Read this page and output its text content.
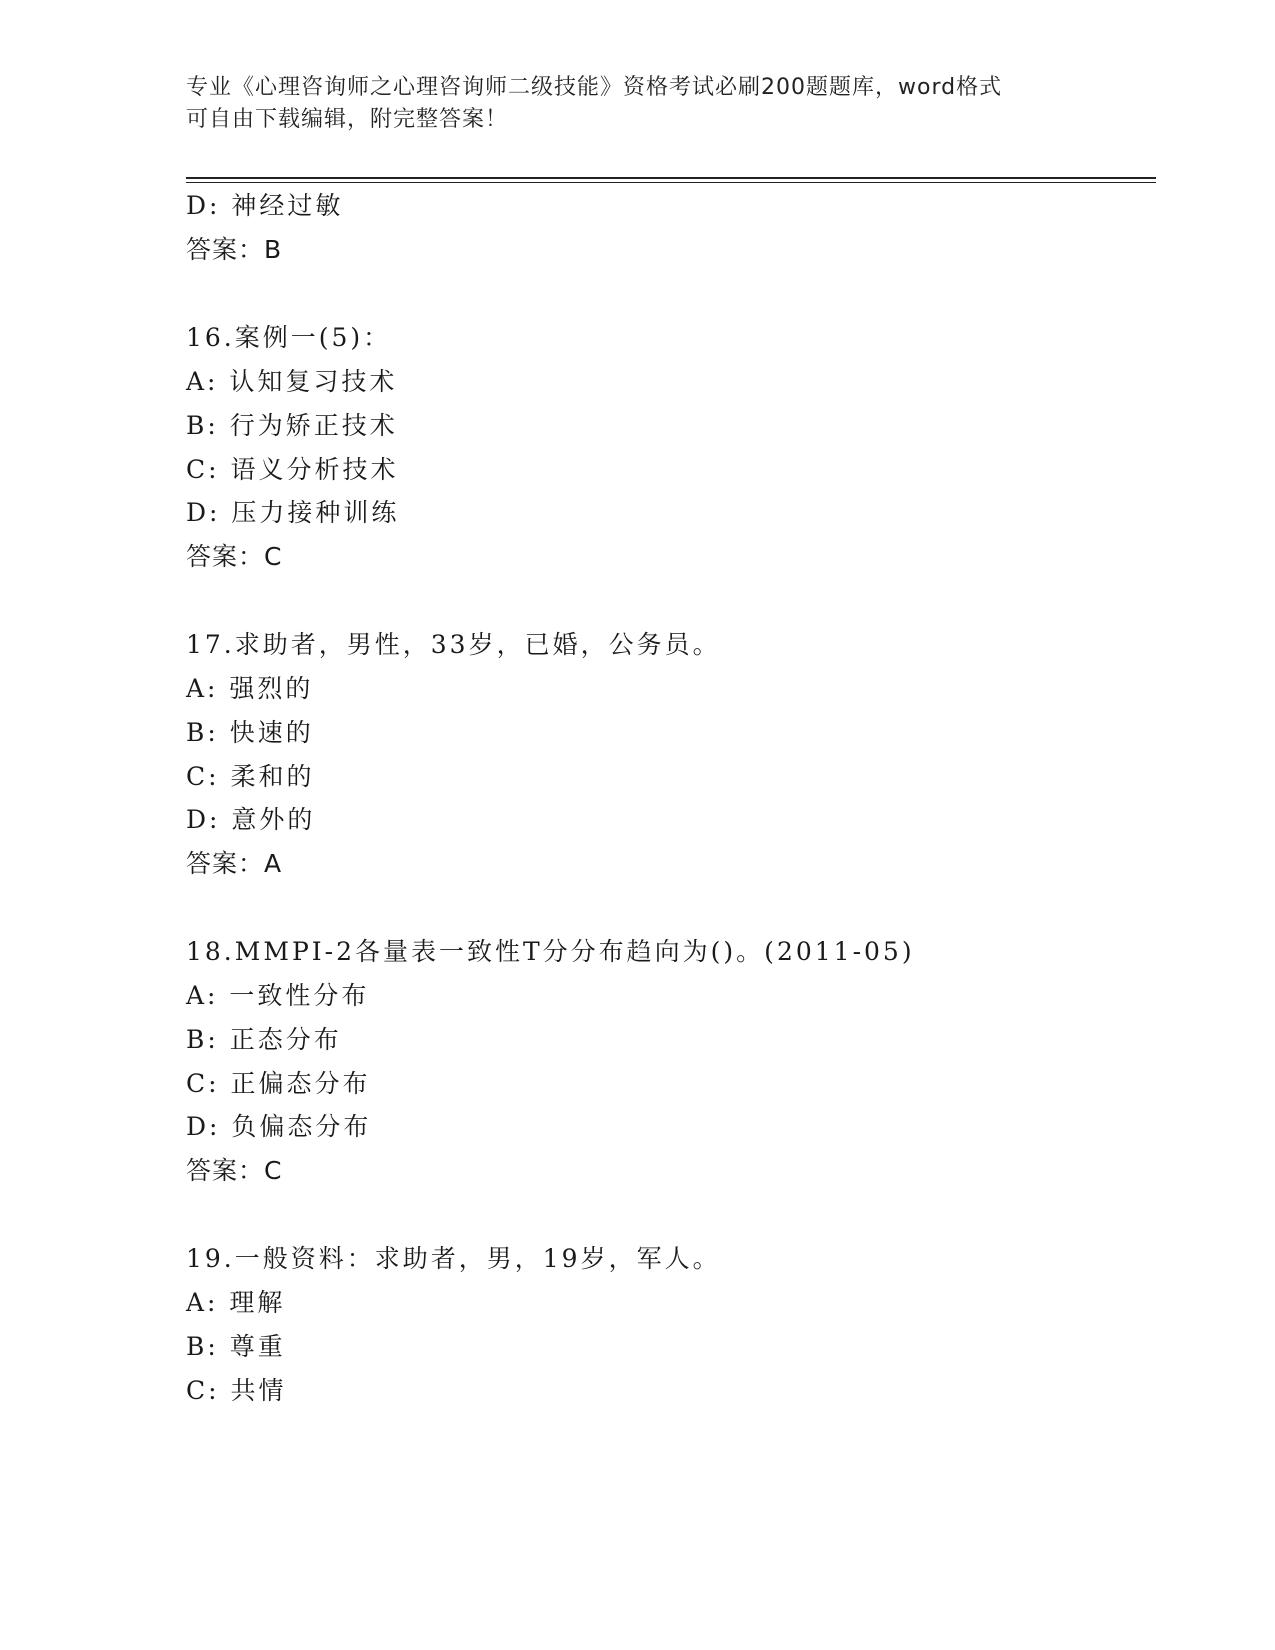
专业《心理咨询师之心理咨询师二级技能》资格考试必刷200题题库，word格式
可自由下载编辑，附完整答案！
D: 神经过敏
答案：B
16.案例一(5)：
A: 认知复习技术
B: 行为矫正技术
C: 语义分析技术
D: 压力接种训练
答案：C
17.求助者，男性，33岁，已婚，公务员。
A: 强烈的
B: 快速的
C: 柔和的
D: 意外的
答案：A
18.MMPI-2各量表一致性T分分布趋向为()。(2011-05)
A: 一致性分布
B: 正态分布
C: 正偏态分布
D: 负偏态分布
答案：C
19.一般资料：求助者，男，19岁，军人。
A: 理解
B: 尊重
C: 共情
